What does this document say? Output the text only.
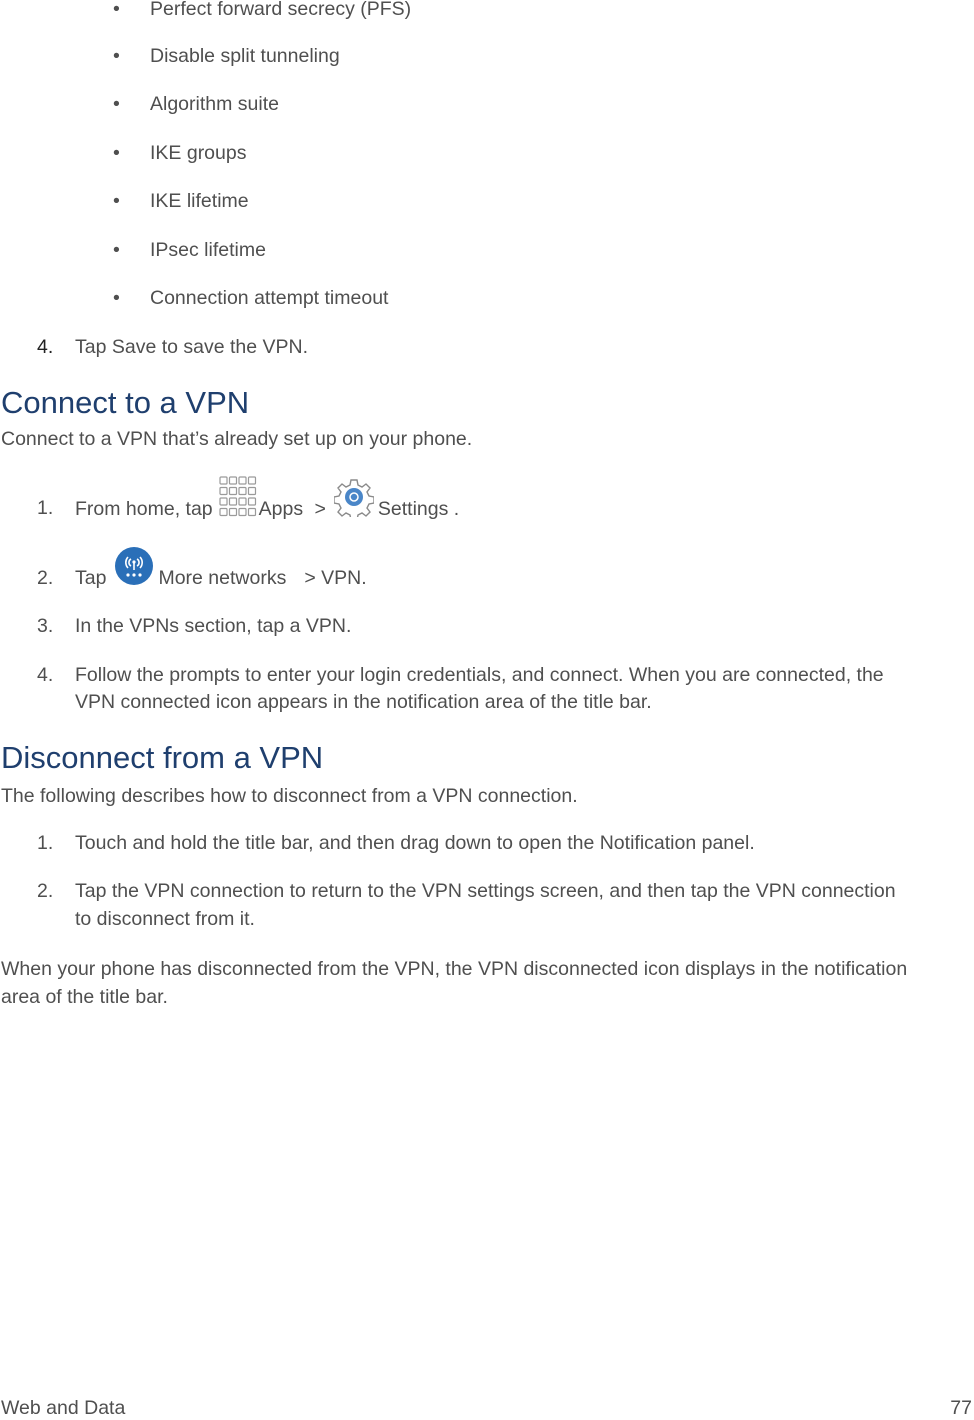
• Perfect forward secrecy (PFS)
• Disable split tunneling
• Algorithm suite
• IKE groups
• IKE lifetime
• IPsec lifetime
• Connection attempt timeout
4. Tap Save to save the VPN.
Connect to a VPN
Connect to a VPN that’s already set up on your phone.
1. From home, tap Apps >	Settings .
2. Tap	More networks > VPN.
3. In the VPNs section, tap a VPN.
4. Follow the prompts to enter your login credentials, and connect. When you are connected, the
VPN connected icon appears in the notification area of the title bar.
Disconnect from a VPN
The following describes how to disconnect from a VPN connection.
1. Touch and hold the title bar, and then drag down to open the Notification panel.
2. Tap the VPN connection to return to the VPN settings screen, and then tap the VPN connection
to disconnect from it.
When your phone has disconnected from the VPN, the VPN disconnected icon displays in the notification
area of the title bar.
Web and Data	77
